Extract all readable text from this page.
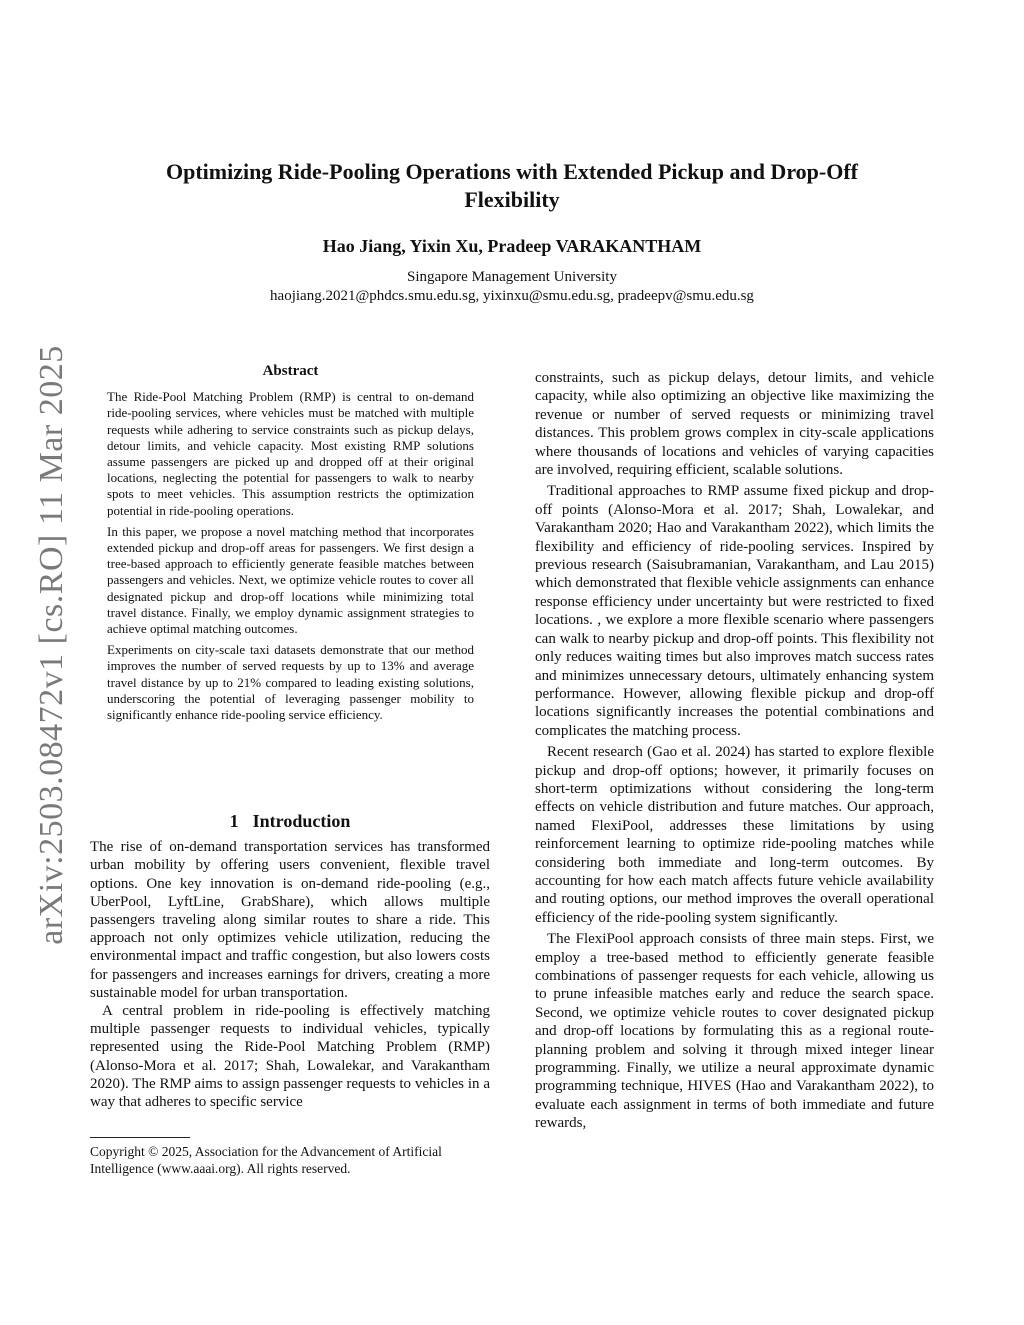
arXiv:2503.08472v1 [cs.RO] 11 Mar 2025
Optimizing Ride-Pooling Operations with Extended Pickup and Drop-Off
Flexibility
Hao Jiang, Yixin Xu, Pradeep VARAKANTHAM
Singapore Management University
haojiang.2021@phdcs.smu.edu.sg, yixinxu@smu.edu.sg, pradeepv@smu.edu.sg
Abstract

The Ride-Pool Matching Problem (RMP) is central to on-demand ride-pooling services, where vehicles must be matched with multiple requests while adhering to service constraints such as pickup delays, detour limits, and vehicle capacity. Most existing RMP solutions assume passengers are picked up and dropped off at their original locations, neglecting the potential for passengers to walk to nearby spots to meet vehicles. This assumption restricts the optimization potential in ride-pooling operations.

In this paper, we propose a novel matching method that incorporates extended pickup and drop-off areas for passengers. We first design a tree-based approach to efficiently generate feasible matches between passengers and vehicles. Next, we optimize vehicle routes to cover all designated pickup and drop-off locations while minimizing total travel distance. Finally, we employ dynamic assignment strategies to achieve optimal matching outcomes.

Experiments on city-scale taxi datasets demonstrate that our method improves the number of served requests by up to 13% and average travel distance by up to 21% compared to leading existing solutions, underscoring the potential of leveraging passenger mobility to significantly enhance ride-pooling service efficiency.

1 Introduction

The rise of on-demand transportation services has transformed urban mobility by offering users convenient, flexible travel options. One key innovation is on-demand ride-pooling (e.g., UberPool, LyftLine, GrabShare), which allows multiple passengers traveling along similar routes to share a ride. This approach not only optimizes vehicle utilization, reducing the environmental impact and traffic congestion, but also lowers costs for passengers and increases earnings for drivers, creating a more sustainable model for urban transportation.

A central problem in ride-pooling is effectively matching multiple passenger requests to individual vehicles, typically represented using the Ride-Pool Matching Problem (RMP) (Alonso-Mora et al. 2017; Shah, Lowalekar, and Varakantham 2020). The RMP aims to assign passenger requests to vehicles in a way that adheres to specific service

Copyright © 2025, Association for the Advancement of Artificial Intelligence (www.aaai.org). All rights reserved.

constraints, such as pickup delays, detour limits, and vehicle capacity, while also optimizing an objective like maximizing the revenue or number of served requests or minimizing travel distances. This problem grows complex in city-scale applications where thousands of locations and vehicles of varying capacities are involved, requiring efficient, scalable solutions.

Traditional approaches to RMP assume fixed pickup and drop-off points (Alonso-Mora et al. 2017; Shah, Lowalekar, and Varakantham 2020; Hao and Varakantham 2022), which limits the flexibility and efficiency of ride-pooling services. Inspired by previous research (Saisubramanian, Varakantham, and Lau 2015) which demonstrated that flexible vehicle assignments can enhance response efficiency under uncertainty but were restricted to fixed locations. , we explore a more flexible scenario where passengers can walk to nearby pickup and drop-off points. This flexibility not only reduces waiting times but also improves match success rates and minimizes unnecessary detours, ultimately enhancing system performance. However, allowing flexible pickup and drop-off locations significantly increases the potential combinations and complicates the matching process.

Recent research (Gao et al. 2024) has started to explore flexible pickup and drop-off options; however, it primarily focuses on short-term optimizations without considering the long-term effects on vehicle distribution and future matches. Our approach, named FlexiPool, addresses these limitations by using reinforcement learning to optimize ride-pooling matches while considering both immediate and long-term outcomes. By accounting for how each match affects future vehicle availability and routing options, our method improves the overall operational efficiency of the ride-pooling system significantly.

The FlexiPool approach consists of three main steps. First, we employ a tree-based method to efficiently generate feasible combinations of passenger requests for each vehicle, allowing us to prune infeasible matches early and reduce the search space. Second, we optimize vehicle routes to cover designated pickup and drop-off locations by formulating this as a regional route-planning problem and solving it through mixed integer linear programming. Finally, we utilize a neural approximate dynamic programming technique, HIVES (Hao and Varakantham 2022), to evaluate each assignment in terms of both immediate and future rewards,
